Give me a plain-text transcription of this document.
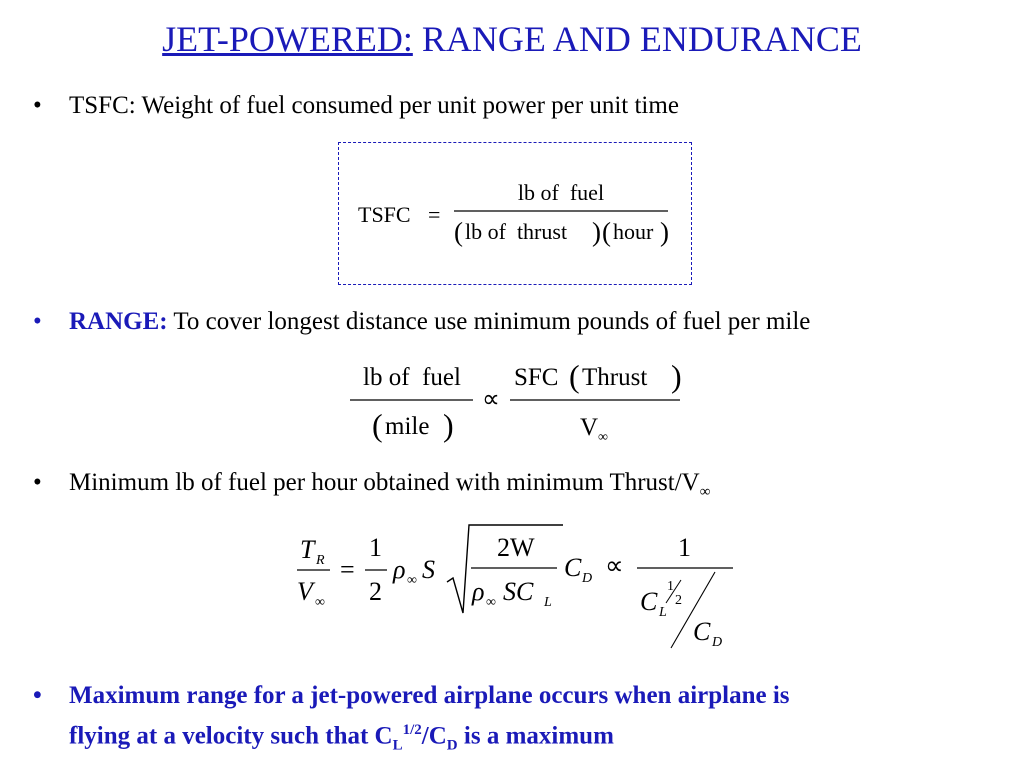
JET-POWERED: RANGE AND ENDURANCE
• TSFC: Weight of fuel consumed per unit power per unit time
TSFC =
lb of  fuel
( lb of  thrust ) ( hour )
• RANGE: To cover longest distance use minimum pounds of fuel per mile
lb of  fuel
( mile )
∝
SFC ( Thrust )
V ∞
• Minimum lb of fuel per hour obtained with minimum Thrust/$V_\infty$
T R
V ∞
=
1
2
ρ ∞ S
2W
ρ ∞ SC L
C D ∝
1
C L
1
2
C D
• Maximum range for a jet-powered airplane occurs when airplane is
flying at a velocity such that $C_L^{1/2}/C_D$ is a maximum
